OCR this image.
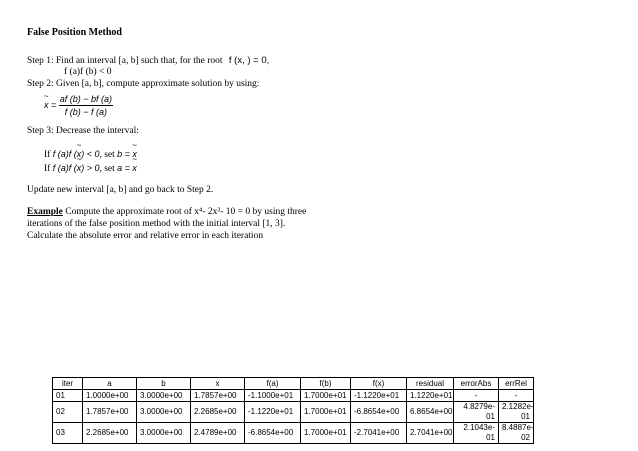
False Position Method
Step 1: Find an interval [a, b] such that, for the root f (x, ) = 0,
f (a)f (b) < 0
Step 2: Given [a, b], compute approximate solution by using:
~ $x = \frac{af (b) - bf (a)}{f (b) - f (a)}$
Step 3: Decrease the interval:
If f (a)f (~ x) < 0, set b = ~ x
If f (a)f (~ x) > 0, set a = ~ x
Update new interval [a, b] and go back to Step 2.
Example Compute the approximate root of x⁴- 2x³- 10 = 0 by using three
iterations of the false position method with the initial interval [1, 3].
Calculate the absolute error and relative error in each iteration
iter	a	b	x	f(a)	f(b)	f(x)	residual	errorAbs	errRel
01	1.0000e+00	3.0000e+00	1.7857e+00	-1.1000e+01	1.7000e+01	-1.1220e+01	1.1220e+01	-	-
02	1.7857e+00	3.0000e+00	2.2685e+00	-1.1220e+01	1.7000e+01	-6.8654e+00	6.8654e+00	4.8279e-01	2.1282e-01
03	2.2685e+00	3.0000e+00	2.4789e+00	-6.8654e+00	1.7000e+01	-2.7041e+00	2.7041e+00	2.1043e-01	8.4887e-02
